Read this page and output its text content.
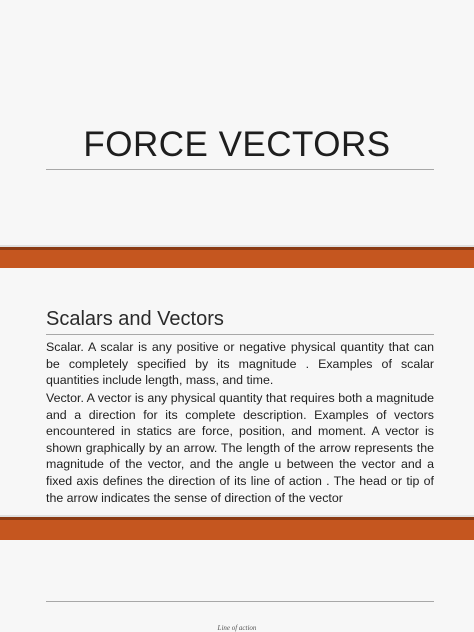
FORCE VECTORS
Scalars and Vectors

Scalar. A scalar is any positive or negative physical quantity that can be completely specified by its magnitude . Examples of scalar quantities include length, mass, and time.

Vector. A vector is any physical quantity that requires both a magnitude and a direction for its complete description. Examples of vectors encountered in statics are force, position, and moment. A vector is shown graphically by an arrow. The length of the arrow represents the magnitude of the vector, and the angle u between the vector and a fixed axis defines the direction of its line of action . The head or tip of the arrow indicates the sense of direction of the vector

Line of action
